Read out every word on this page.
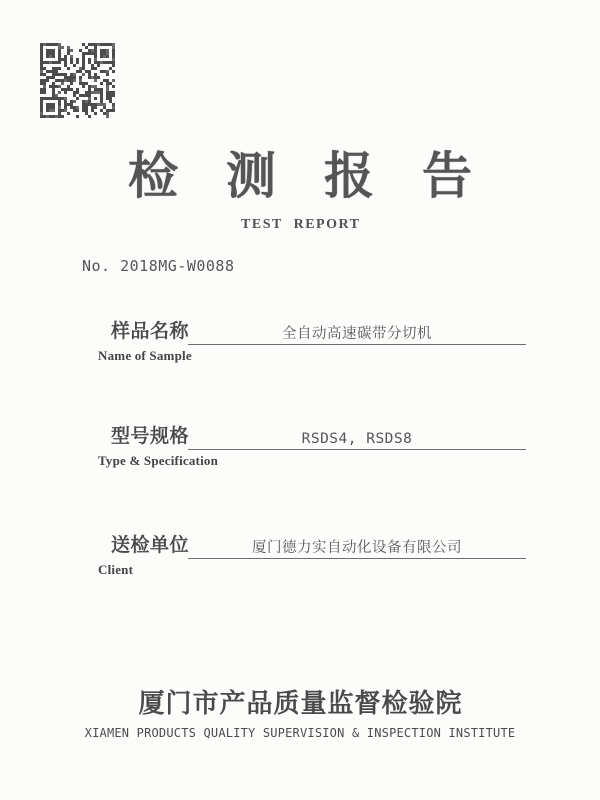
检测报告
TEST REPORT
No. 2018MG-W0088
样品名称
Name of Sample
全自动高速碳带分切机
型号规格
Type & Specification
RSDS4, RSDS8
送检单位
Client
厦门德力实自动化设备有限公司
厦门市产品质量监督检验院
XIAMEN PRODUCTS QUALITY SUPERVISION & INSPECTION INSTITUTE
